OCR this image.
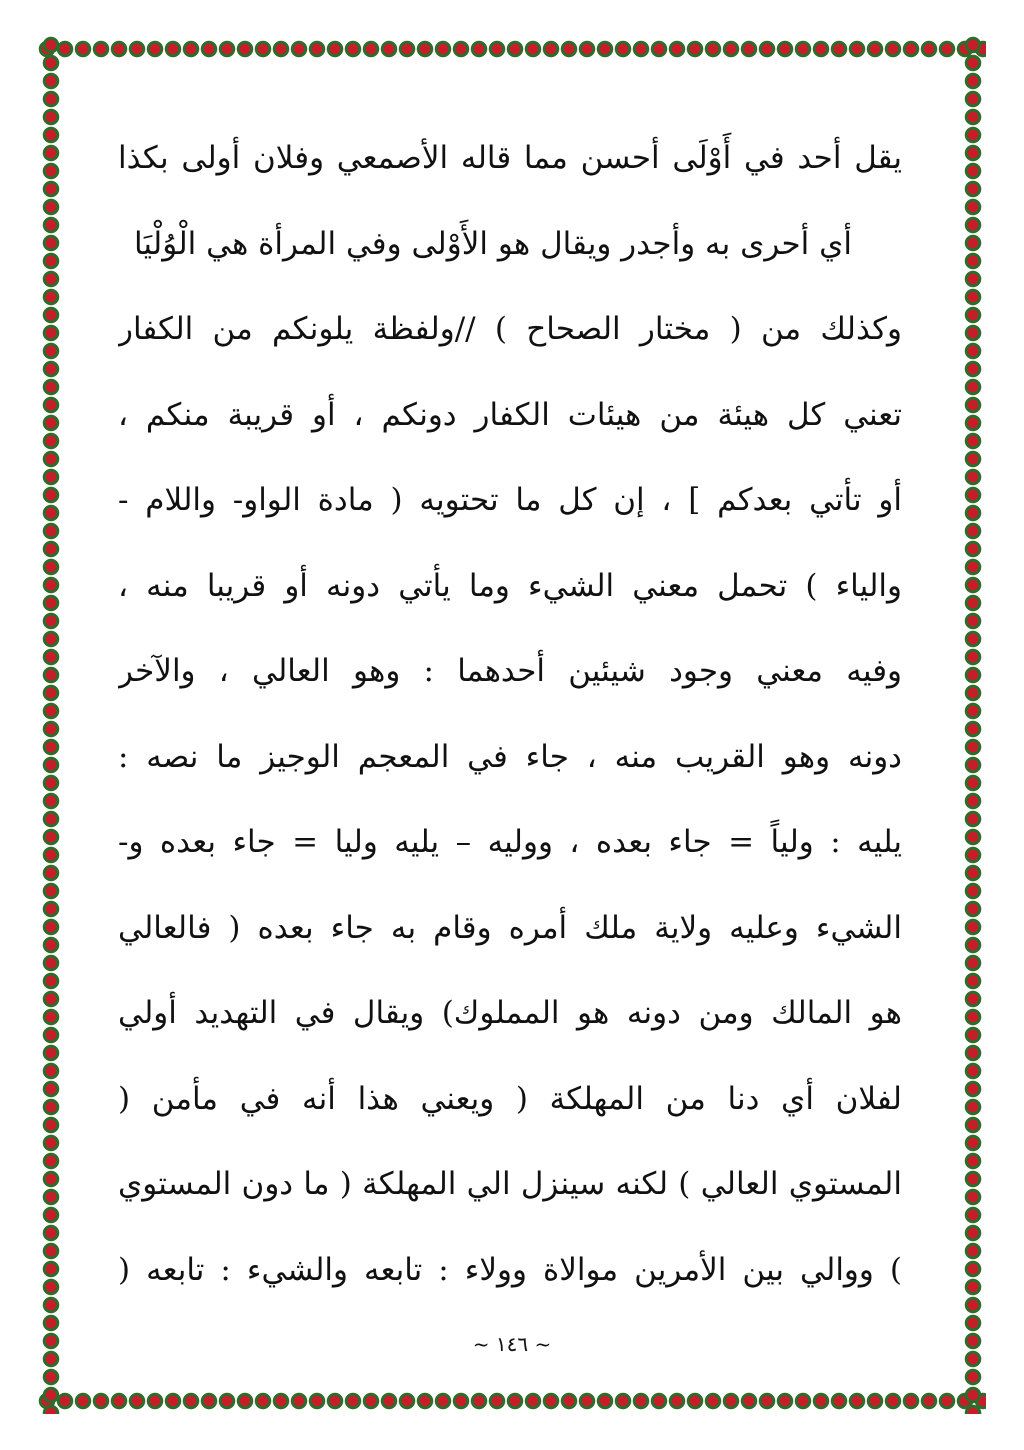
يقل أحد في أَوْلَى أحسن مما قاله الأصمعي وفلان أولى بكذا
أي أحرى به وأجدر ويقال هو الأَوْلى وفي المرأة هي الْوُلْيَا
وكذلك من ( مختار الصحاح ) //ولفظة يلونكم من الكفار
تعني كل هيئة من هيئات الكفار دونكم ، أو قريبة منكم ،
أو تأتي بعدكم ] ، إن كل ما تحتويه ( مادة الواو- واللام -
والياء ) تحمل معني الشيء وما يأتي دونه أو قريبا منه ،
وفيه معني وجود شيئين أحدهما : وهو العالي ، والآخر
دونه وهو القريب منه ، جاء في المعجم الوجيز ما نصه :
يليه : ولياً = جاء بعده ، ووليه – يليه وليا = جاء بعده و-
الشيء وعليه ولاية ملك أمره وقام به جاء بعده ( فالعالي
هو المالك ومن دونه هو المملوك) ويقال في التهديد أولي
لفلان أي دنا من المهلكة ( ويعني هذا أنه في مأمن (
المستوي العالي ) لكنه سينزل الي المهلكة ( ما دون المستوي
) ووالي بين الأمرين موالاة وولاء : تابعه والشيء : تابعه (
~ ١٤٦ ~
